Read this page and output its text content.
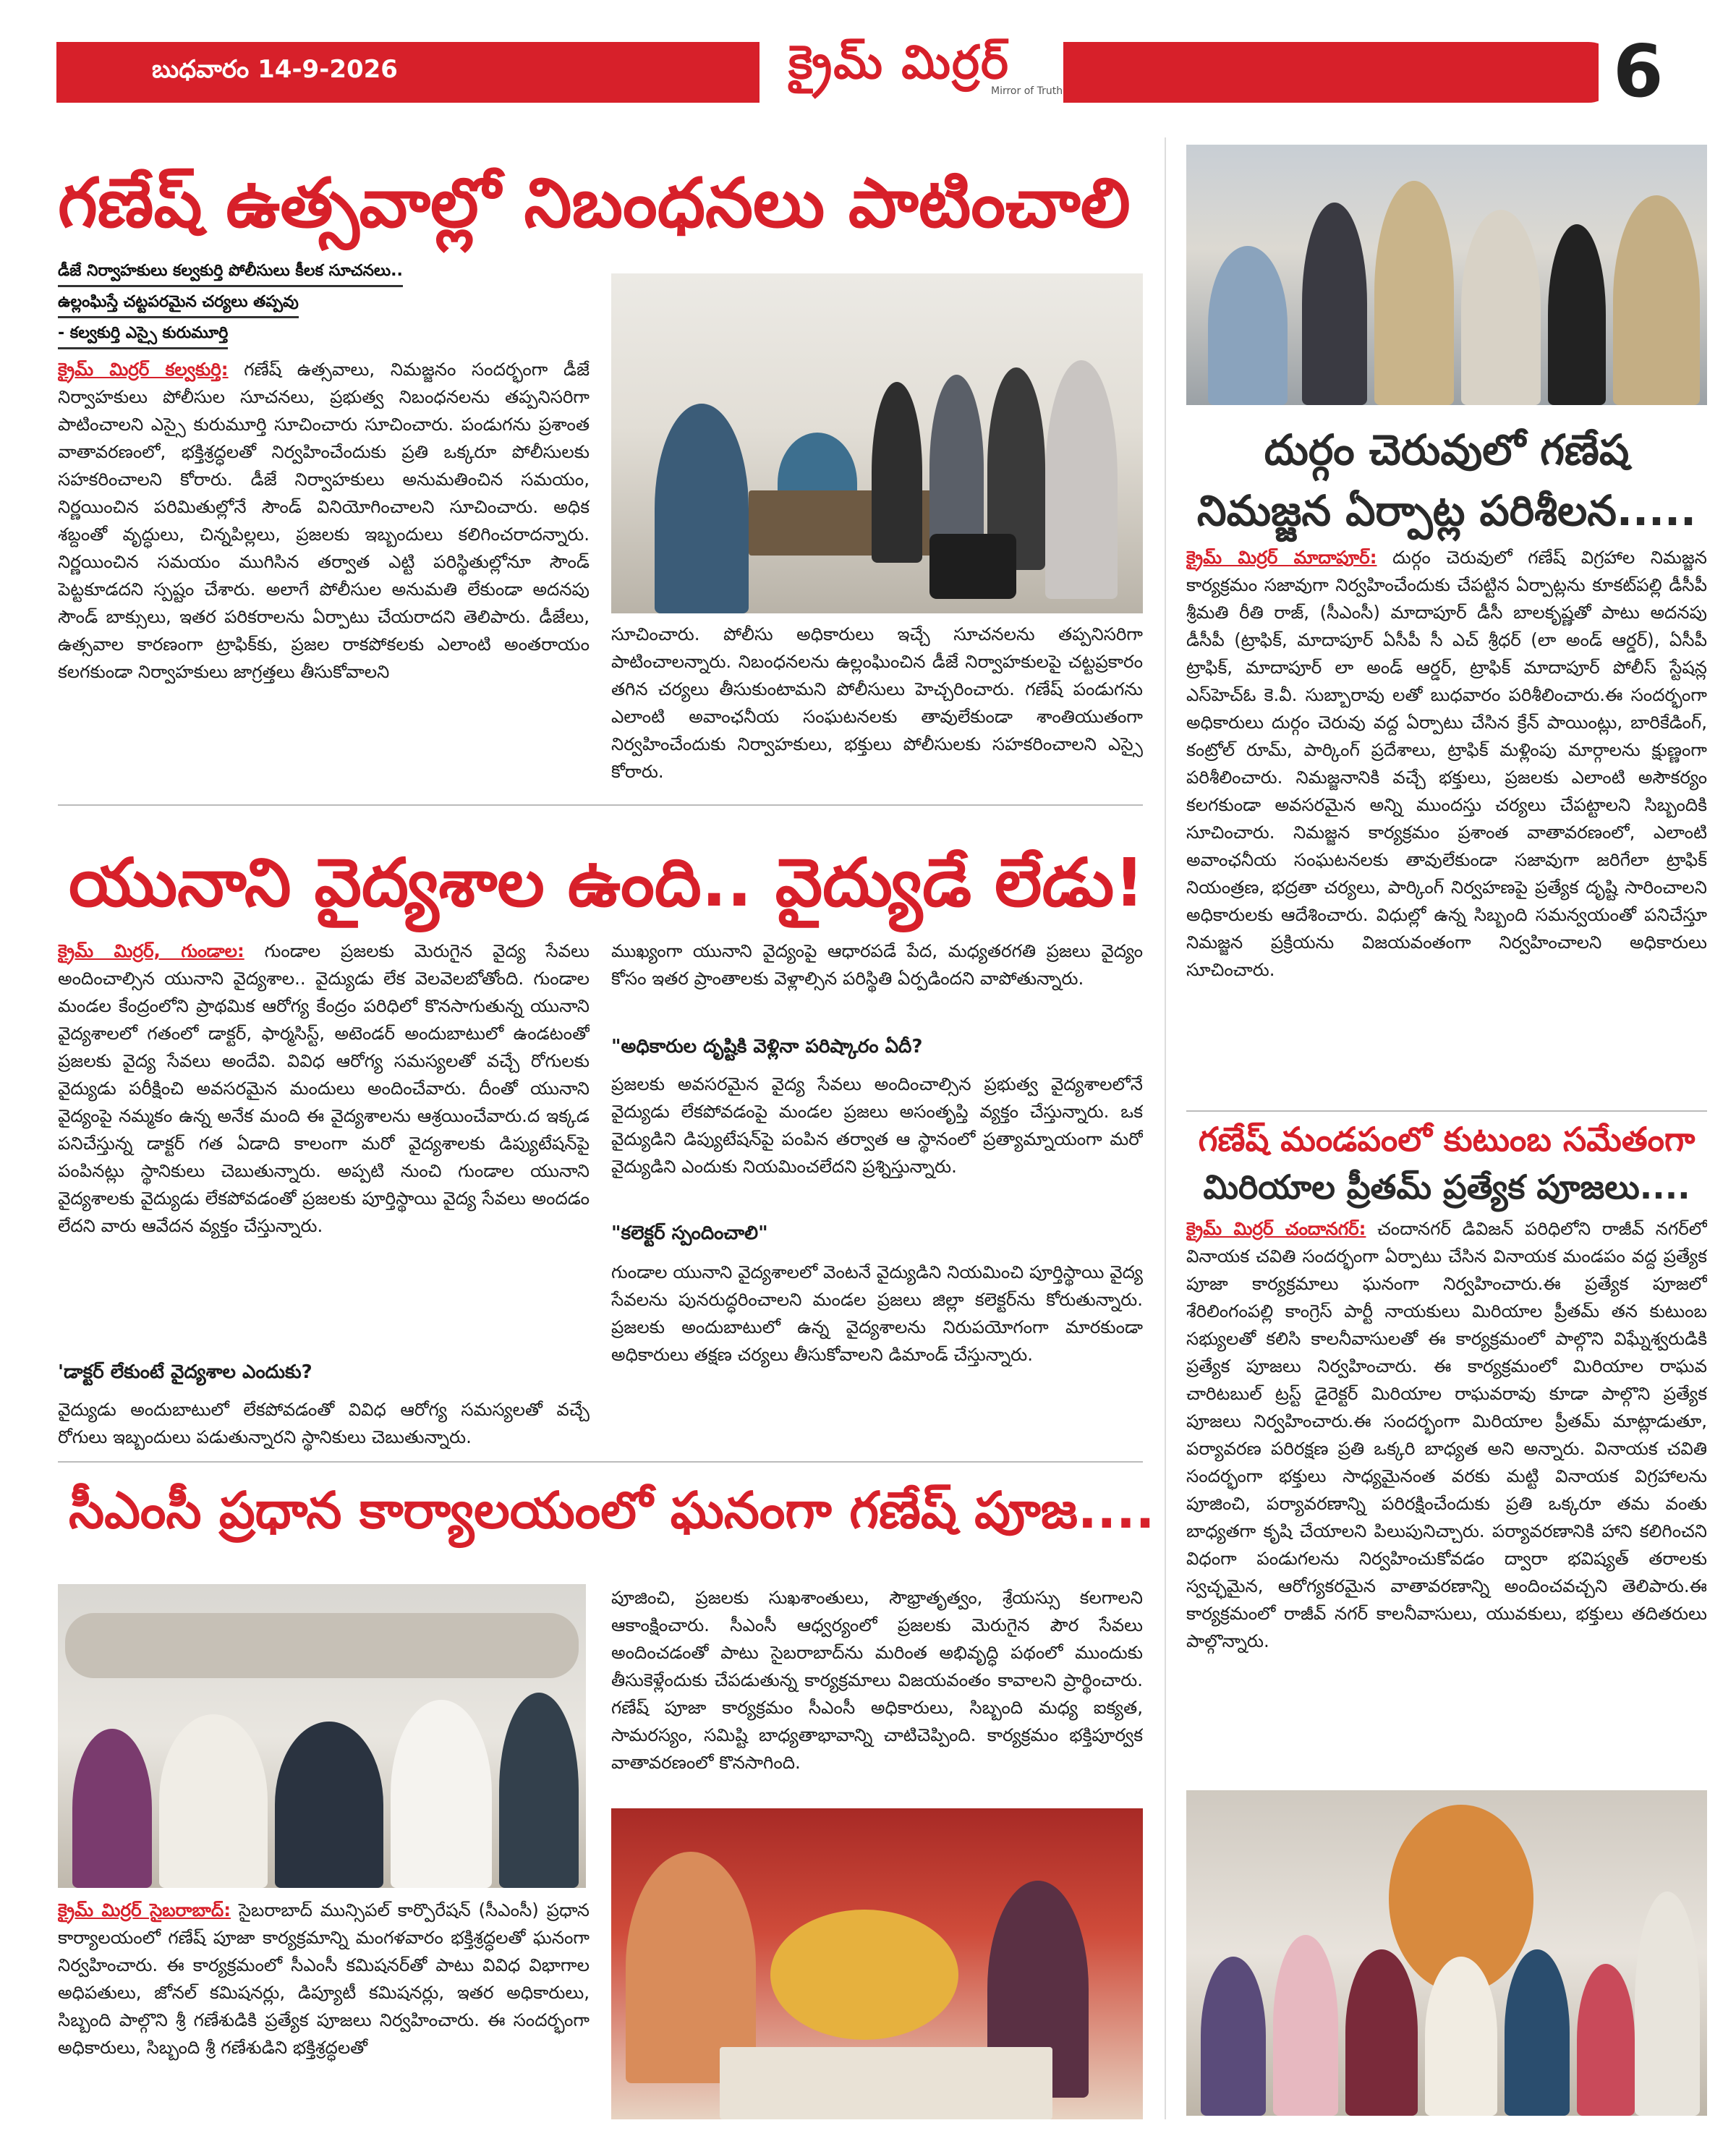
బుధవారం 14-9-2026	క్రైమ్ మిర్రర్
Mirror of Truth	6
గణేష్ ఉత్సవాల్లో నిబంధనలు పాటించాలి
డీజే నిర్వాహకులు కల్వకుర్తి పోలీసులు కీలక సూచనలు..
ఉల్లంఘిస్తే చట్టపరమైన చర్యలు తప్పవు
- కల్వకుర్తి ఎస్సై కురుమూర్తి
క్రైమ్ మిర్రర్ కల్వకుర్తి: గణేష్ ఉత్సవాలు, నిమజ్జనం సందర్భంగా డీజే నిర్వాహకులు పోలీసుల సూచనలు, ప్రభుత్వ నిబంధనలను తప్పనిసరిగా పాటించాలని ఎస్సై కురుమూర్తి సూచించారు సూచించారు. పండుగను ప్రశాంత వాతావరణంలో, భక్తిశ్రద్ధలతో నిర్వహించేందుకు ప్రతి ఒక్కరూ పోలీసులకు సహకరించాలని కోరారు. డీజే నిర్వాహకులు అనుమతించిన సమయం, నిర్ణయించిన పరిమితుల్లోనే సౌండ్ వినియోగించాలని సూచించారు. అధిక శబ్దంతో వృద్ధులు, చిన్నపిల్లలు, ప్రజలకు ఇబ్బందులు కలిగించరాదన్నారు. నిర్ణయించిన సమయం ముగిసిన తర్వాత ఎట్టి పరిస్థితుల్లోనూ సౌండ్ పెట్టకూడదని స్పష్టం చేశారు. అలాగే పోలీసుల అనుమతి లేకుండా అదనపు సౌండ్ బాక్సులు, ఇతర పరికరాలను ఏర్పాటు చేయరాదని తెలిపారు. డీజేలు, ఉత్సవాల కారణంగా ట్రాఫిక్‌కు, ప్రజల రాకపోకలకు ఎలాంటి అంతరాయం కలగకుండా నిర్వాహకులు జాగ్రత్తలు తీసుకోవాలని
సూచించారు. పోలీసు అధికారులు ఇచ్చే సూచనలను తప్పనిసరిగా పాటించాలన్నారు. నిబంధనలను ఉల్లంఘించిన డీజే నిర్వాహకులపై చట్టప్రకారం తగిన చర్యలు తీసుకుంటామని పోలీసులు హెచ్చరించారు. గణేష్ పండుగను ఎలాంటి అవాంఛనీయ సంఘటనలకు తావులేకుండా శాంతియుతంగా నిర్వహించేందుకు నిర్వాహకులు, భక్తులు పోలీసులకు సహకరించాలని ఎస్సై కోరారు.
యునాని వైద్యశాల ఉంది.. వైద్యుడే లేడు!
క్రైమ్ మిర్రర్, గుండాల: గుండాల ప్రజలకు మెరుగైన వైద్య సేవలు అందించాల్సిన యునాని వైద్యశాల.. వైద్యుడు లేక వెలవెలబోతోంది. గుండాల మండల కేంద్రంలోని ప్రాథమిక ఆరోగ్య కేంద్రం పరిధిలో కొనసాగుతున్న యునాని వైద్యశాలలో గతంలో డాక్టర్, ఫార్మసిస్ట్, అటెండర్ అందుబాటులో ఉండటంతో ప్రజలకు వైద్య సేవలు అందేవి. వివిధ ఆరోగ్య సమస్యలతో వచ్చే రోగులకు వైద్యుడు పరీక్షించి అవసరమైన మందులు అందించేవారు. దీంతో యునాని వైద్యంపై నమ్మకం ఉన్న అనేక మంది ఈ వైద్యశాలను ఆశ్రయించేవారు.ద ఇక్కడ పనిచేస్తున్న డాక్టర్ గత ఏడాది కాలంగా మరో వైద్యశాలకు డిప్యుటేషన్‌పై పంపినట్లు స్థానికులు చెబుతున్నారు. అప్పటి నుంచి గుండాల యునాని వైద్యశాలకు వైద్యుడు లేకపోవడంతో ప్రజలకు పూర్తిస్థాయి వైద్య సేవలు అందడం లేదని వారు ఆవేదన వ్యక్తం చేస్తున్నారు.
'డాక్టర్ లేకుంటే వైద్యశాల ఎందుకు?
వైద్యుడు అందుబాటులో లేకపోవడంతో వివిధ ఆరోగ్య సమస్యలతో వచ్చే రోగులు ఇబ్బందులు పడుతున్నారని స్థానికులు చెబుతున్నారు.
ముఖ్యంగా యునాని వైద్యంపై ఆధారపడే పేద, మధ్యతరగతి ప్రజలు వైద్యం కోసం ఇతర ప్రాంతాలకు వెళ్లాల్సిన పరిస్థితి ఏర్పడిందని వాపోతున్నారు.
"అధికారుల దృష్టికి వెళ్లినా పరిష్కారం ఏదీ?
ప్రజలకు అవసరమైన వైద్య సేవలు అందించాల్సిన ప్రభుత్వ వైద్యశాలలోనే వైద్యుడు లేకపోవడంపై మండల ప్రజలు అసంతృప్తి వ్యక్తం చేస్తున్నారు. ఒక వైద్యుడిని డిప్యుటేషన్‌పై పంపిన తర్వాత ఆ స్థానంలో ప్రత్యామ్నాయంగా మరో వైద్యుడిని ఎందుకు నియమించలేదని ప్రశ్నిస్తున్నారు.
"కలెక్టర్ స్పందించాలి"
గుండాల యునాని వైద్యశాలలో వెంటనే వైద్యుడిని నియమించి పూర్తిస్థాయి వైద్య సేవలను పునరుద్ధరించాలని మండల ప్రజలు జిల్లా కలెక్టర్‌ను కోరుతున్నారు. ప్రజలకు అందుబాటులో ఉన్న వైద్యశాలను నిరుపయోగంగా మారకుండా అధికారులు తక్షణ చర్యలు తీసుకోవాలని డిమాండ్ చేస్తున్నారు.
సీఎంసీ ప్రధాన కార్యాలయంలో ఘనంగా గణేష్ పూజ....
క్రైమ్ మిర్రర్ సైబరాబాద్: సైబరాబాద్ మున్సిపల్ కార్పొరేషన్ (సీఎంసీ) ప్రధాన కార్యాలయంలో గణేష్ పూజా కార్యక్రమాన్ని మంగళవారం భక్తిశ్రద్ధలతో ఘనంగా నిర్వహించారు. ఈ కార్యక్రమంలో సీఎంసీ కమిషనర్‌తో పాటు వివిధ విభాగాల అధిపతులు, జోనల్ కమిషనర్లు, డిప్యూటీ కమిషనర్లు, ఇతర అధికారులు, సిబ్బంది పాల్గొని శ్రీ గణేశుడికి ప్రత్యేక పూజలు నిర్వహించారు. ఈ సందర్భంగా అధికారులు, సిబ్బంది శ్రీ గణేశుడిని భక్తిశ్రద్ధలతో
పూజించి, ప్రజలకు సుఖశాంతులు, సౌభ్రాతృత్వం, శ్రేయస్సు కలగాలని ఆకాంక్షించారు. సీఎంసీ ఆధ్వర్యంలో ప్రజలకు మెరుగైన పౌర సేవలు అందించడంతో పాటు సైబరాబాద్‌ను మరింత అభివృద్ధి పథంలో ముందుకు తీసుకెళ్లేందుకు చేపడుతున్న కార్యక్రమాలు విజయవంతం కావాలని ప్రార్థించారు. గణేష్ పూజా కార్యక్రమం సీఎంసీ అధికారులు, సిబ్బంది మధ్య ఐక్యత, సామరస్యం, సమిష్టి బాధ్యతాభావాన్ని చాటిచెప్పింది. కార్యక్రమం భక్తిపూర్వక వాతావరణంలో కొనసాగింది.
దుర్గం చెరువులో గణేష
నిమజ్జన ఏర్పాట్ల పరిశీలన.....
క్రైమ్ మిర్రర్ మాదాపూర్: దుర్గం చెరువులో గణేష్ విగ్రహాల నిమజ్జన కార్యక్రమం సజావుగా నిర్వహించేందుకు చేపట్టిన ఏర్పాట్లను కూకట్‌పల్లి డీసీపీ శ్రీమతి రీతి రాజ్, (సీఎంసీ) మాదాపూర్ డీసీ బాలకృష్ణతో పాటు అదనపు డీసీపీ (ట్రాఫిక్, మాదాపూర్ ఏసీపీ సీ ఎచ్ శ్రీధర్ (లా అండ్ ఆర్డర్), ఏసీపీ ట్రాఫిక్, మాదాపూర్ లా అండ్ ఆర్డర్, ట్రాఫిక్ మాదాపూర్ పోలీస్ స్టేషన్ల ఎస్‌హెచ్‌ఓ కె.వీ. సుబ్బారావు లతో బుధవారం పరిశీలించారు.ఈ సందర్భంగా అధికారులు దుర్గం చెరువు వద్ద ఏర్పాటు చేసిన క్రేన్ పాయింట్లు, బారికేడింగ్, కంట్రోల్ రూమ్, పార్కింగ్ ప్రదేశాలు, ట్రాఫిక్ మళ్లింపు మార్గాలను క్షుణ్ణంగా పరిశీలించారు. నిమజ్జనానికి వచ్చే భక్తులు, ప్రజలకు ఎలాంటి అసౌకర్యం కలగకుండా అవసరమైన అన్ని ముందస్తు చర్యలు చేపట్టాలని సిబ్బందికి సూచించారు. నిమజ్జన కార్యక్రమం ప్రశాంత వాతావరణంలో, ఎలాంటి అవాంఛనీయ సంఘటనలకు తావులేకుండా సజావుగా జరిగేలా ట్రాఫిక్ నియంత్రణ, భద్రతా చర్యలు, పార్కింగ్ నిర్వహణపై ప్రత్యేక దృష్టి సారించాలని అధికారులకు ఆదేశించారు. విధుల్లో ఉన్న సిబ్బంది సమన్వయంతో పనిచేస్తూ నిమజ్జన ప్రక్రియను విజయవంతంగా నిర్వహించాలని అధికారులు సూచించారు.
గణేష్ మండపంలో కుటుంబ సమేతంగా
మిరియాల ప్రీతమ్ ప్రత్యేక పూజలు....
క్రైమ్ మిర్రర్ చందానగర్: చందానగర్ డివిజన్ పరిధిలోని రాజీవ్ నగర్‌లో వినాయక చవితి సందర్భంగా ఏర్పాటు చేసిన వినాయక మండపం వద్ద ప్రత్యేక పూజా కార్యక్రమాలు ఘనంగా నిర్వహించారు.ఈ ప్రత్యేక పూజలో శేరిలింగంపల్లి కాంగ్రెస్ పార్టీ నాయకులు మిరియాల ప్రీతమ్ తన కుటుంబ సభ్యులతో కలిసి కాలనీవాసులతో ఈ కార్యక్రమంలో పాల్గొని విఘ్నేశ్వరుడికి ప్రత్యేక పూజలు నిర్వహించారు. ఈ కార్యక్రమంలో మిరియాల రాఘవ చారిటబుల్ ట్రస్ట్ డైరెక్టర్ మిరియాల రాఘవరావు కూడా పాల్గొని ప్రత్యేక పూజలు నిర్వహించారు.ఈ సందర్భంగా మిరియాల ప్రీతమ్ మాట్లాడుతూ, పర్యావరణ పరిరక్షణ ప్రతి ఒక్కరి బాధ్యత అని అన్నారు. వినాయక చవితి సందర్భంగా భక్తులు సాధ్యమైనంత వరకు మట్టి వినాయక విగ్రహాలను పూజించి, పర్యావరణాన్ని పరిరక్షించేందుకు ప్రతి ఒక్కరూ తమ వంతు బాధ్యతగా కృషి చేయాలని పిలుపునిచ్చారు. పర్యావరణానికి హాని కలిగించని విధంగా పండుగలను నిర్వహించుకోవడం ద్వారా భవిష్యత్ తరాలకు స్వచ్ఛమైన, ఆరోగ్యకరమైన వాతావరణాన్ని అందించవచ్చని తెలిపారు.ఈ కార్యక్రమంలో రాజీవ్ నగర్ కాలనీవాసులు, యువకులు, భక్తులు తదితరులు పాల్గొన్నారు.
